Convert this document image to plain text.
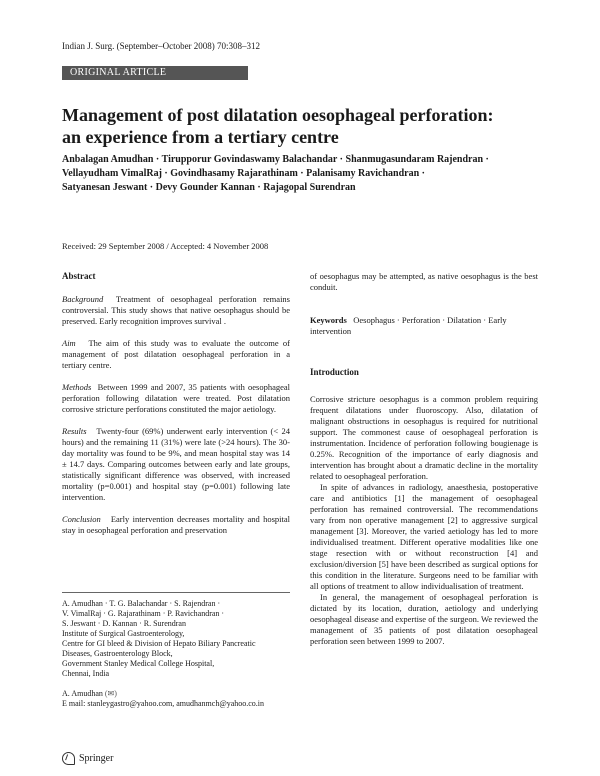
Indian J. Surg. (September–October 2008) 70:308–312
ORIGINAL ARTICLE
Management of post dilatation oesophageal perforation:
an experience from a tertiary centre
Anbalagan Amudhan · Tirupporur Govindaswamy Balachandar · Shanmugasundaram Rajendran ·
Vellayudham VimalRaj · Govindhasamy Rajarathinam · Palanisamy Ravichandran ·
Satyanesan Jeswant · Devy Gounder Kannan · Rajagopal Surendran
Received: 29 September 2008 / Accepted: 4 November 2008

Abstract

Background Treatment of oesophageal perforation remains controversial. This study shows that native oesophagus should be preserved. Early recognition improves survival .

Aim The aim of this study was to evaluate the outcome of management of post dilatation oesophageal perforation in a tertiary centre.

Methods Between 1999 and 2007, 35 patients with oesophageal perforation following dilatation were treated. Post dilatation corrosive stricture perforations constituted the major aetiology.

Results Twenty-four (69%) underwent early intervention (< 24 hours) and the remaining 11 (31%) were late (>24 hours). The 30-day mortality was found to be 9%, and mean hospital stay was 14 ± 14.7 days. Comparing outcomes between early and late groups, statistically significant difference was observed, with increased mortality (p=0.001) and hospital stay (p=0.001) following late intervention.

Conclusion Early intervention decreases mortality and hospital stay in oesophageal perforation and preservation

A. Amudhan · T. G. Balachandar · S. Rajendran ·
V. VimalRaj · G. Rajarathinam · P. Ravichandran ·
S. Jeswant · D. Kannan · R. Surendran
Institute of Surgical Gastroenterology,
Centre for GI bleed & Division of Hepato Biliary Pancreatic
Diseases, Gastroenterology Block,
Government Stanley Medical College Hospital,
Chennai, India
A. Amudhan (✉)
E mail: stanleygastro@yahoo.com, amudhanmch@yahoo.co.in

of oesophagus may be attempted, as native oesophagus is the best conduit.

Keywords Oesophagus · Perforation · Dilatation · Early intervention

Introduction

Corrosive stricture oesophagus is a common problem requiring frequent dilatations under fluoroscopy. Also, dilatation of malignant obstructions in oesophagus is required for nutritional support. The commonest cause of oesophageal perforation is instrumentation. Incidence of perforation following bougienage is 0.25%. Recognition of the importance of early diagnosis and intervention has brought about a dramatic decline in the mortality related to oesophageal perforation.

In spite of advances in radiology, anaesthesia, postoperative care and antibiotics [1] the management of oesophageal perforation has remained controversial. The recommendations vary from non operative management [2] to aggressive surgical management [3]. Moreover, the varied aetiology has led to more individualised treatment. Different operative modalities like one stage resection with or without reconstruction [4] and exclusion/diversion [5] have been described as surgical options for this condition in the literature. Surgeons need to be familiar with all options of treatment to allow individualisation of treatment.

In general, the management of oesophageal perforation is dictated by its location, duration, aetiology and underlying oesophageal disease and expertise of the surgeon. We reviewed the management of 35 patients of post dilatation oesophageal perforation seen between 1999 to 2007.

Springer
